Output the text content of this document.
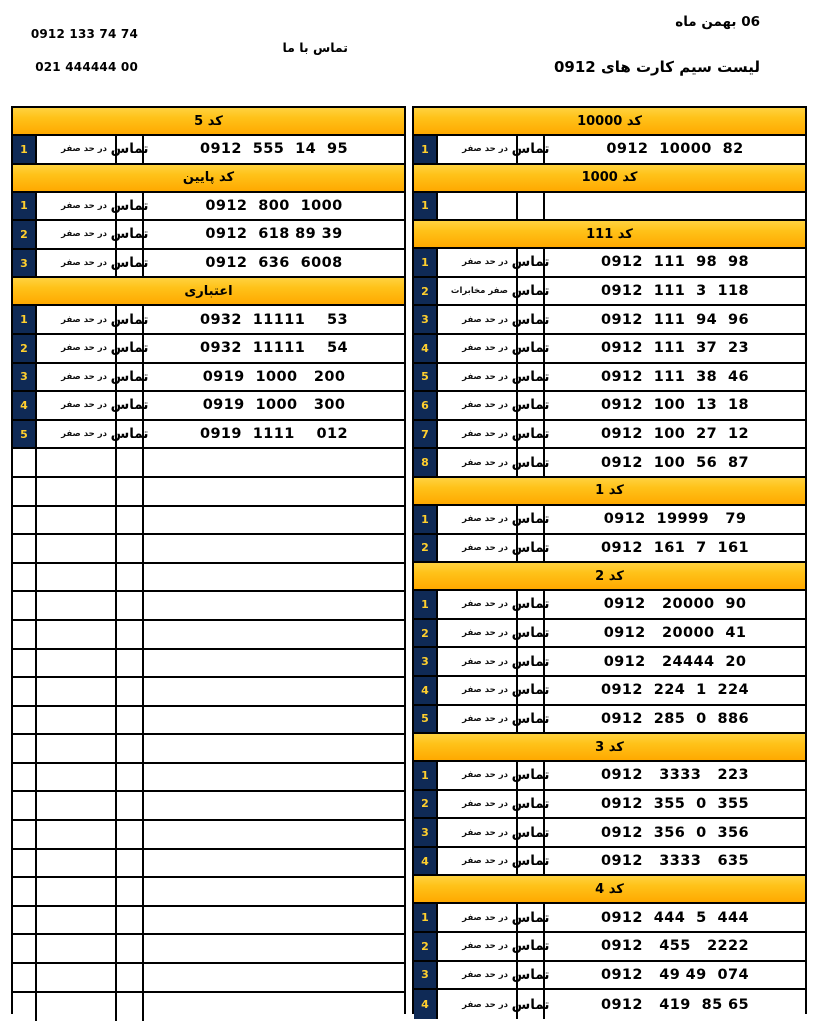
06 بهمن ماه
لیست سیم کارت های 0912
تماس با ما
0912 133 74 74
021 444444 00
کد 5
0912  555  14  95
تماس
در حد صفر
1
کد پایین
0912  800  1000
تماس
در حد صفر
1
0912  618 89 39
تماس
در حد صفر
2
0912  636  6008
تماس
در حد صفر
3
اعتباری
0932  11111    53
تماس
در حد صفر
1
0932  11111    54
تماس
در حد صفر
2
0919  1000   200
تماس
در حد صفر
3
0919  1000   300
تماس
در حد صفر
4
0919  1111    012
تماس
در حد صفر
5
کد 10000
0912  10000  82
تماس
در حد صفر
1
کد 1000
1
کد 111
0912  111  98  98
تماس
در حد صفر
1
0912  111  3  118
تماس
صفر مخابرات
2
0912  111  94  96
تماس
در حد صفر
3
0912  111  37  23
تماس
در حد صفر
4
0912  111  38  46
تماس
در حد صفر
5
0912  100  13  18
تماس
در حد صفر
6
0912  100  27  12
تماس
در حد صفر
7
0912  100  56  87
تماس
در حد صفر
8
کد 1
0912  19999   79
تماس
در حد صفر
1
0912  161  7  161
تماس
در حد صفر
2
کد 2
0912   20000  90
تماس
در حد صفر
1
0912   20000  41
تماس
در حد صفر
2
0912   24444  20
تماس
در حد صفر
3
0912  224  1  224
تماس
در حد صفر
4
0912  285  0  886
تماس
در حد صفر
5
کد 3
0912   3333   223
تماس
در حد صفر
1
0912  355  0  355
تماس
در حد صفر
2
0912  356  0  356
تماس
در حد صفر
3
0912   3333   635
تماس
در حد صفر
4
کد 4
0912  444  5  444
تماس
در حد صفر
1
0912   455   2222
تماس
در حد صفر
2
0912   49 49  074
تماس
در حد صفر
3
0912   419  85 65
تماس
در حد صفر
4
